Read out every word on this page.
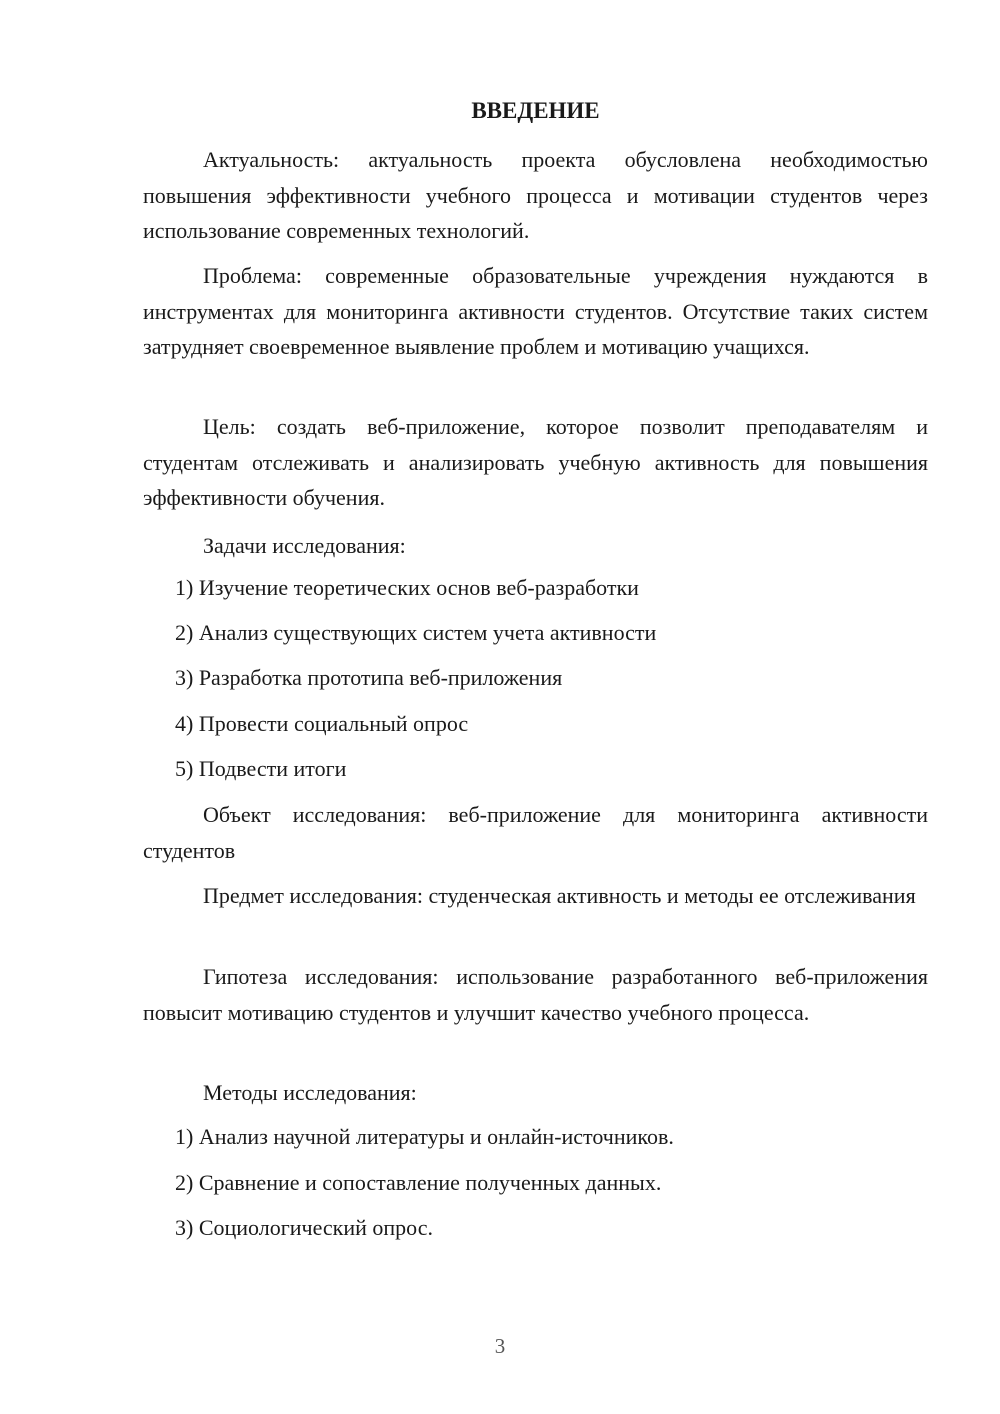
ВВЕДЕНИЕ

Актуальность: актуальность проекта обусловлена необходимостью повышения эффективности учебного процесса и мотивации студентов через использование современных технологий.

Проблема: современные образовательные учреждения нуждаются в инструментах для мониторинга активности студентов. Отсутствие таких систем затрудняет своевременное выявление проблем и мотивацию учащихся.

Цель: создать веб-приложение, которое позволит преподавателям и студентам отслеживать и анализировать учебную активность для повышения эффективности обучения.

Задачи исследования:

1) Изучение теоретических основ веб-разработки

2) Анализ существующих систем учета активности

3) Разработка прототипа веб-приложения

4) Провести социальный опрос

5) Подвести итоги

Объект исследования: веб-приложение для мониторинга активности студентов

Предмет исследования: студенческая активность и методы ее отслеживания

Гипотеза исследования: использование разработанного веб-приложения повысит мотивацию студентов и улучшит качество учебного процесса.

Методы исследования:

1) Анализ научной литературы и онлайн-источников.

2) Сравнение и сопоставление полученных данных.

3) Социологический опрос.

3
